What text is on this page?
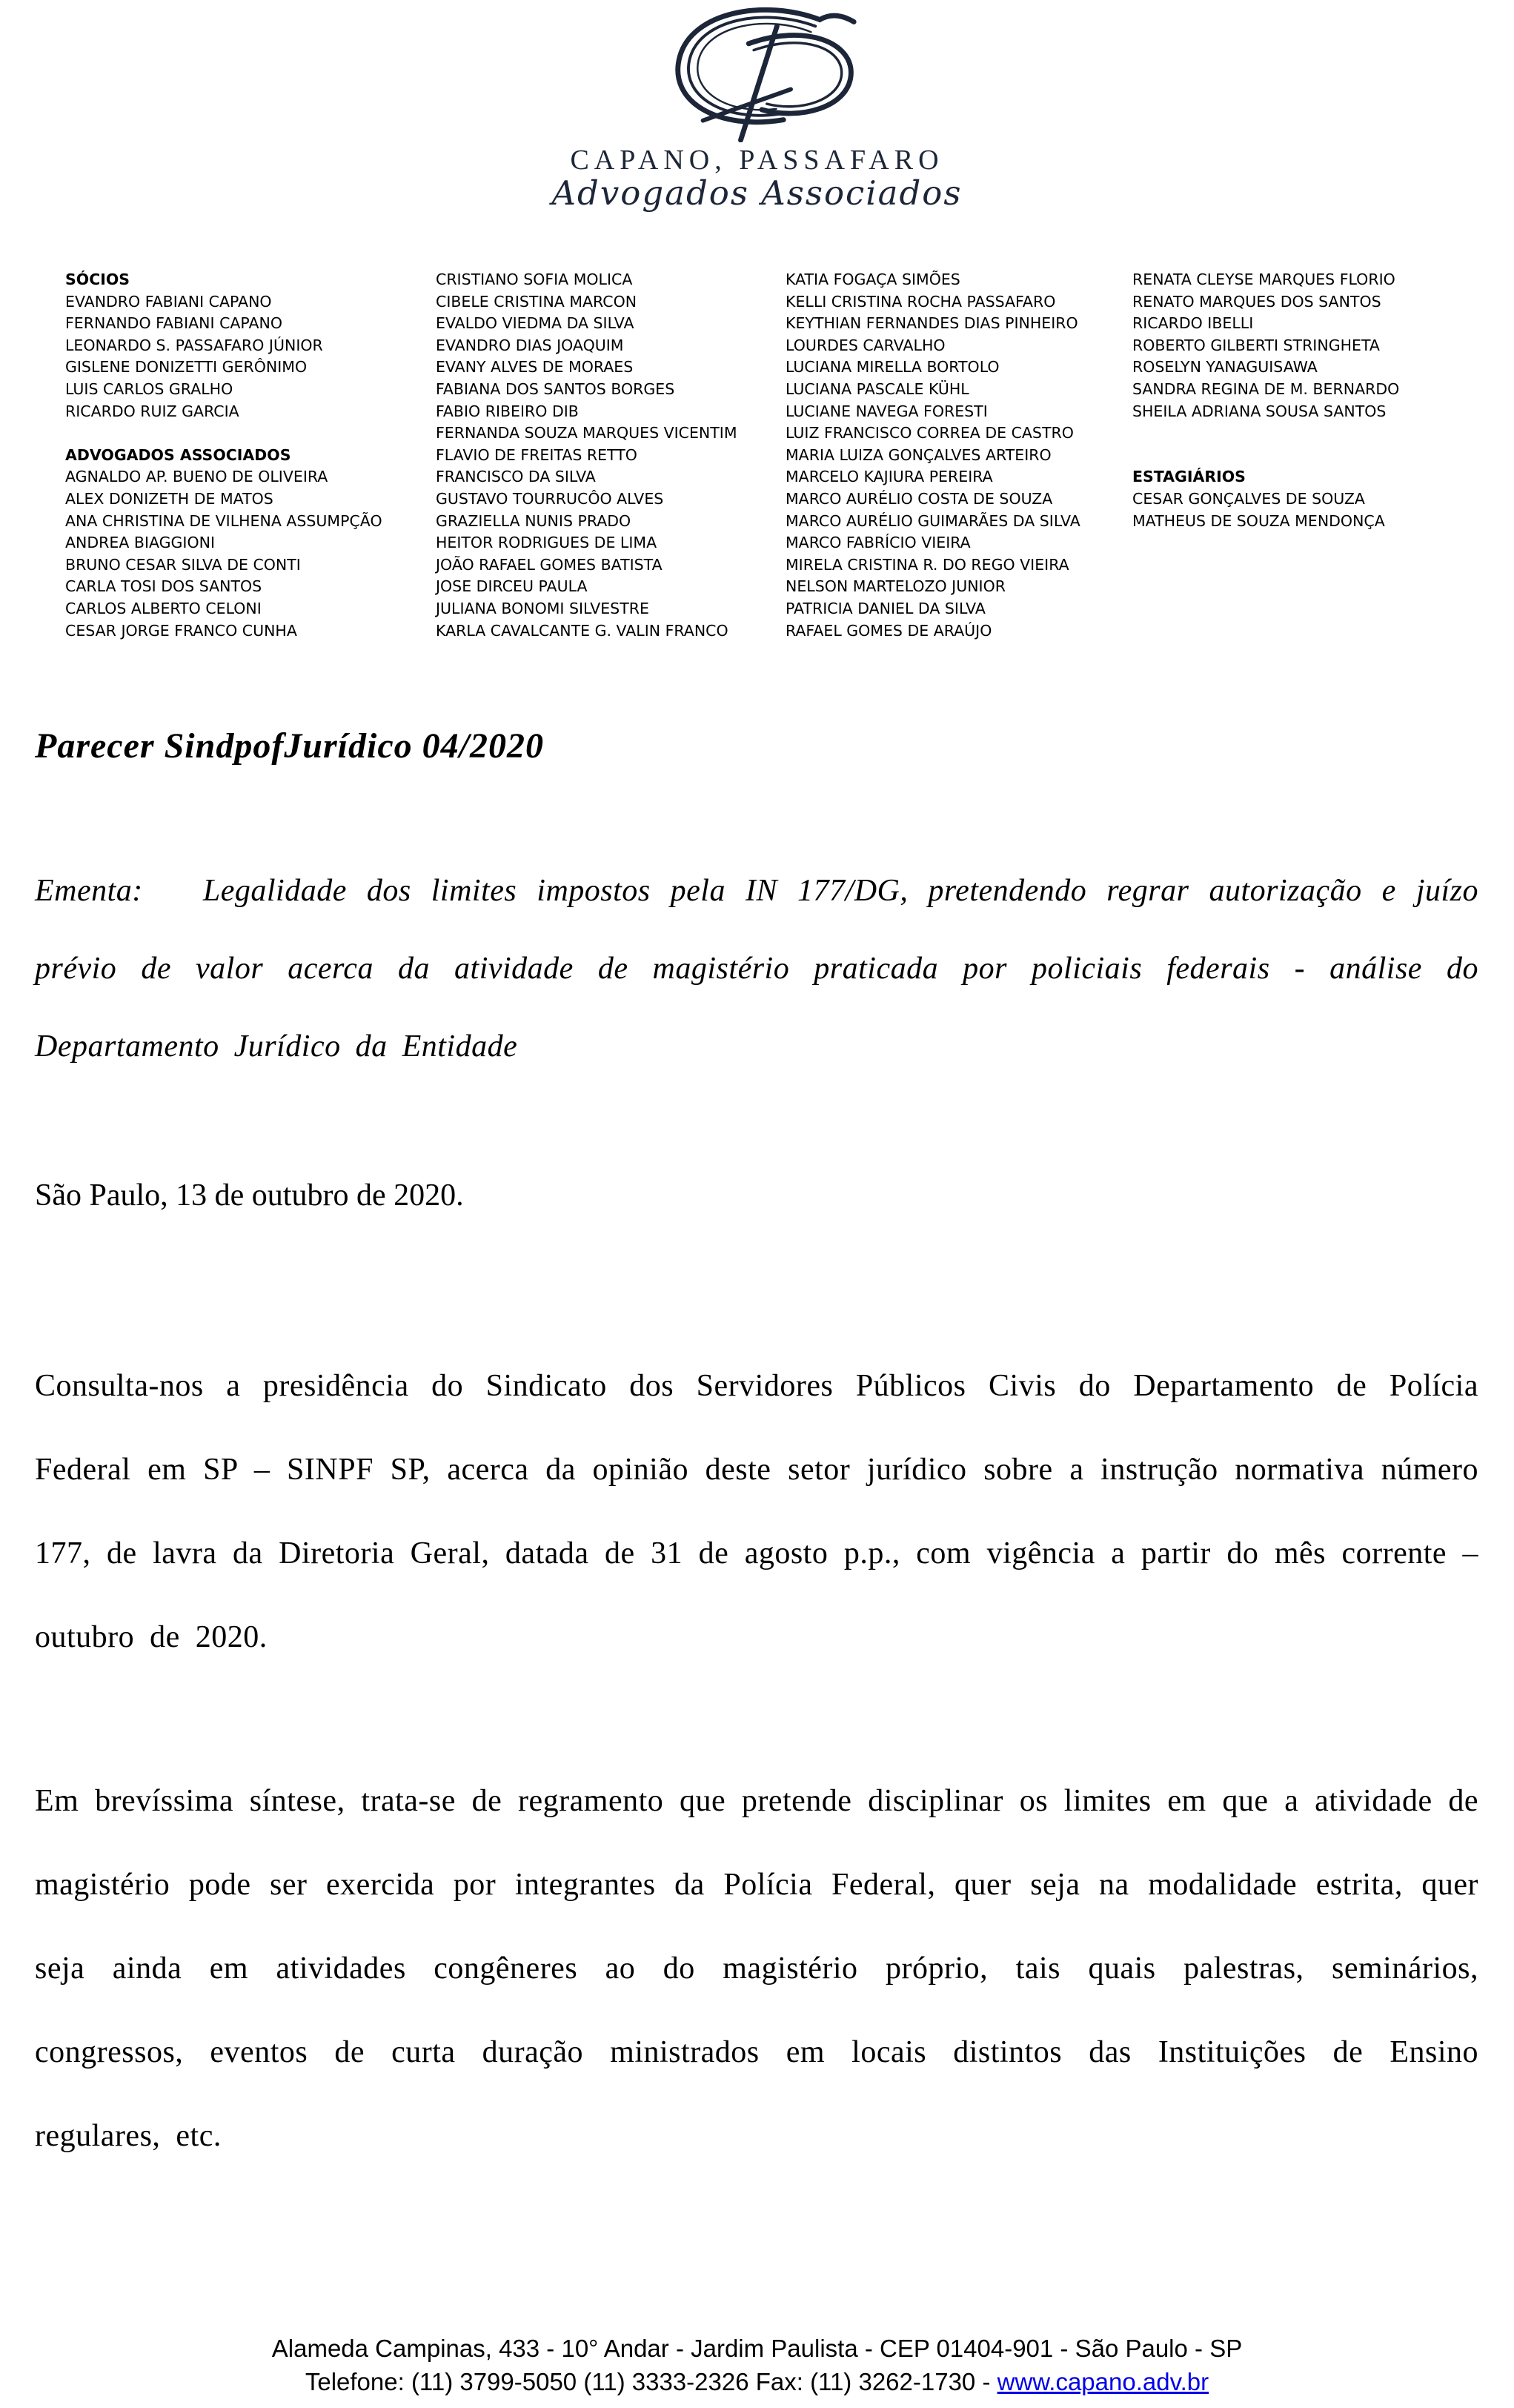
CAPANO, PASSAFARO
Advogados Associados
SÓCIOS
EVANDRO FABIANI CAPANO
FERNANDO FABIANI CAPANO
LEONARDO S. PASSAFARO JÚNIOR
GISLENE DONIZETTI GERÔNIMO
LUIS CARLOS GRALHO
RICARDO RUIZ GARCIA
ADVOGADOS ASSOCIADOS
AGNALDO AP. BUENO DE OLIVEIRA
ALEX DONIZETH DE MATOS
ANA CHRISTINA DE VILHENA ASSUMPÇÃO
ANDREA BIAGGIONI
BRUNO CESAR SILVA DE CONTI
CARLA TOSI DOS SANTOS
CARLOS ALBERTO CELONI
CESAR JORGE FRANCO CUNHA
CRISTIANO SOFIA MOLICA
CIBELE CRISTINA MARCON
EVALDO VIEDMA DA SILVA
EVANDRO DIAS JOAQUIM
EVANY ALVES DE MORAES
FABIANA DOS SANTOS BORGES
FABIO RIBEIRO DIB
FERNANDA SOUZA MARQUES VICENTIM
FLAVIO DE FREITAS RETTO
FRANCISCO DA SILVA
GUSTAVO TOURRUCÔO ALVES
GRAZIELLA NUNIS PRADO
HEITOR RODRIGUES DE LIMA
JOÃO RAFAEL GOMES BATISTA
JOSE DIRCEU PAULA
JULIANA BONOMI SILVESTRE
KARLA CAVALCANTE G. VALIN FRANCO
KATIA FOGAÇA SIMÕES
KELLI CRISTINA ROCHA PASSAFARO
KEYTHIAN FERNANDES DIAS PINHEIRO
LOURDES CARVALHO
LUCIANA MIRELLA BORTOLO
LUCIANA PASCALE KÜHL
LUCIANE NAVEGA FORESTI
LUIZ FRANCISCO CORREA DE CASTRO
MARIA LUIZA GONÇALVES ARTEIRO
MARCELO KAJIURA PEREIRA
MARCO AURÉLIO COSTA DE SOUZA
MARCO AURÉLIO GUIMARÃES DA SILVA
MARCO FABRÍCIO VIEIRA
MIRELA CRISTINA R. DO REGO VIEIRA
NELSON MARTELOZO JUNIOR
PATRICIA DANIEL DA SILVA
RAFAEL GOMES DE ARAÚJO
RENATA CLEYSE MARQUES FLORIO
RENATO MARQUES DOS SANTOS
RICARDO IBELLI
ROBERTO GILBERTI STRINGHETA
ROSELYN YANAGUISAWA
SANDRA REGINA DE M. BERNARDO
SHEILA ADRIANA SOUSA SANTOS
ESTAGIÁRIOS
CESAR GONÇALVES DE SOUZA
MATHEUS DE SOUZA MENDONÇA
Parecer SindpofJurídico 04/2020

Ementa:   Legalidade dos limites impostos pela IN 177/DG, pretendendo regrar autorização e juízo prévio de valor acerca da atividade de magistério praticada por policiais federais - análise do Departamento Jurídico da Entidade

São Paulo, 13 de outubro de 2020.

Consulta-nos a presidência do Sindicato dos Servidores Públicos Civis do Departamento de Polícia Federal em SP – SINPF SP, acerca da opinião deste setor jurídico sobre a instrução normativa número 177, de lavra da Diretoria Geral, datada de 31 de agosto p.p., com vigência a partir do mês corrente – outubro de 2020.

Em brevíssima síntese, trata-se de regramento que pretende disciplinar os limites em que a atividade de magistério pode ser exercida por integrantes da Polícia Federal, quer seja na modalidade estrita, quer seja ainda em atividades congêneres ao do magistério próprio, tais quais palestras, seminários, congressos, eventos de curta duração ministrados em locais distintos das Instituições de Ensino regulares, etc.

Alameda Campinas, 433 - 10° Andar - Jardim Paulista - CEP 01404-901 - São Paulo - SP
Telefone: (11) 3799-5050 (11) 3333-2326 Fax: (11) 3262-1730 - www.capano.adv.br
